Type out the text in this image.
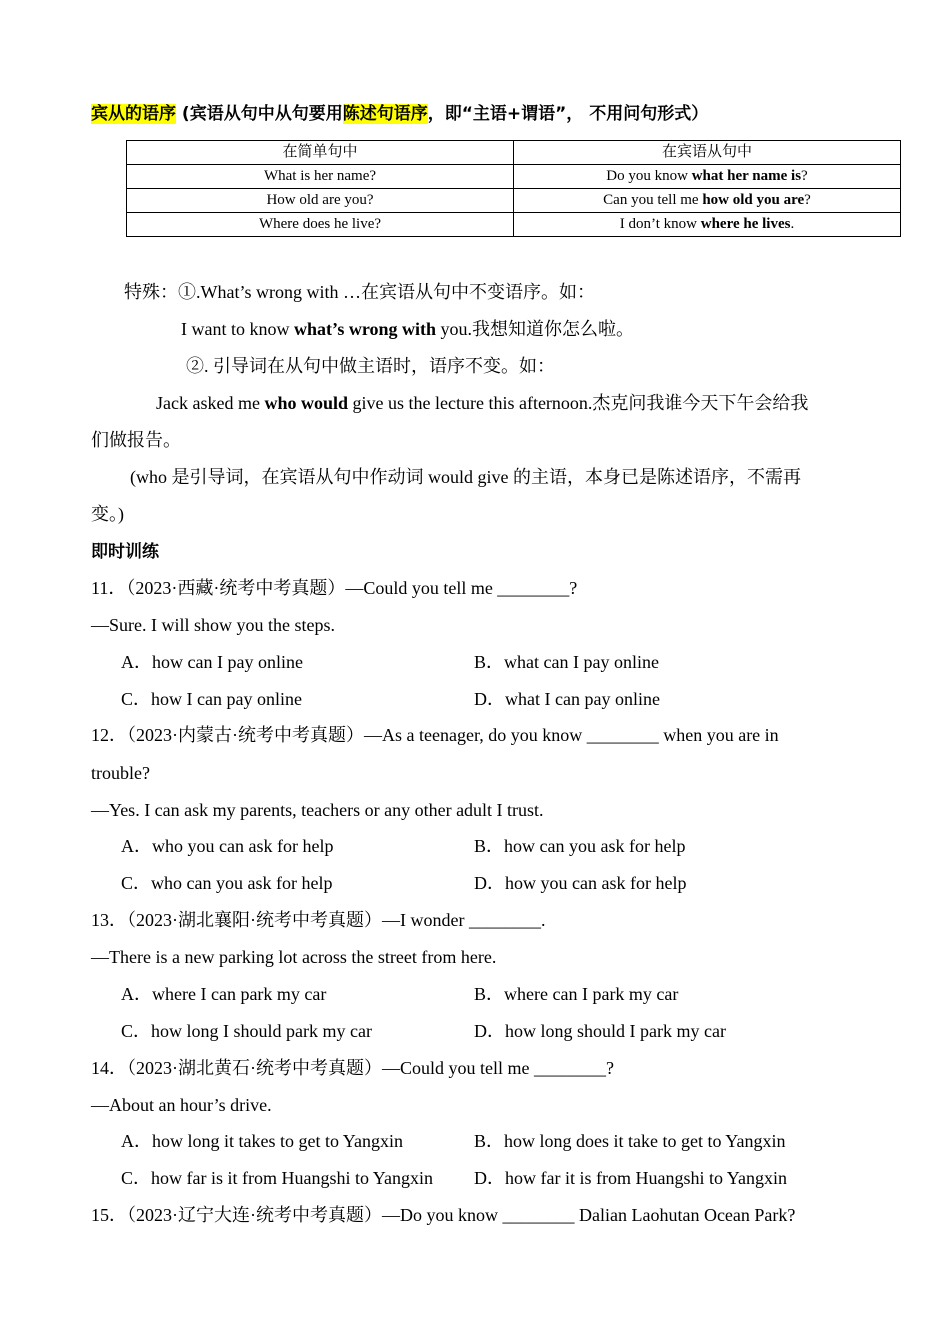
宾从的语序 (宾语从句中从句要用陈述句语序，即“主语+谓语”， 不用问句形式）
在简单句中	在宾语从句中
What is her name?	Do you know what her name is?
How old are you?	Can you tell me how old you are?
Where does he live?	I don’t know where he lives.
特殊：①.What’s wrong with …在宾语从句中不变语序。如：
I want to know what’s wrong with you.我想知道你怎么啦。
②. 引导词在从句中做主语时，语序不变。如：
Jack asked me who would give us the lecture this afternoon.杰克问我谁今天下午会给我
们做报告。
(who 是引导词，在宾语从句中作动词 would give 的主语，本身已是陈述语序，不需再
变。)
即时训练
11．（2023·西藏·统考中考真题）—Could you tell me ________?
—Sure. I will show you the steps.
A．how can I pay online	B．what can I pay online
C．how I can pay online	D．what I can pay online
12．（2023·内蒙古·统考中考真题）—As a teenager, do you know ________ when you are in
trouble?
—Yes. I can ask my parents, teachers or any other adult I trust.
A．who you can ask for help	B．how can you ask for help
C．who can you ask for help	D．how you can ask for help
13．（2023·湖北襄阳·统考中考真题）—I wonder ________.
—There is a new parking lot across the street from here.
A．where I can park my car	B．where can I park my car
C．how long I should park my car	D．how long should I park my car
14．（2023·湖北黄石·统考中考真题）—Could you tell me ________?
—About an hour’s drive.
A．how long it takes to get to Yangxin	B．how long does it take to get to Yangxin
C．how far is it from Huangshi to Yangxin D．how far it is from Huangshi to Yangxin
15．（2023·辽宁大连·统考中考真题）—Do you know ________ Dalian Laohutan Ocean Park?
